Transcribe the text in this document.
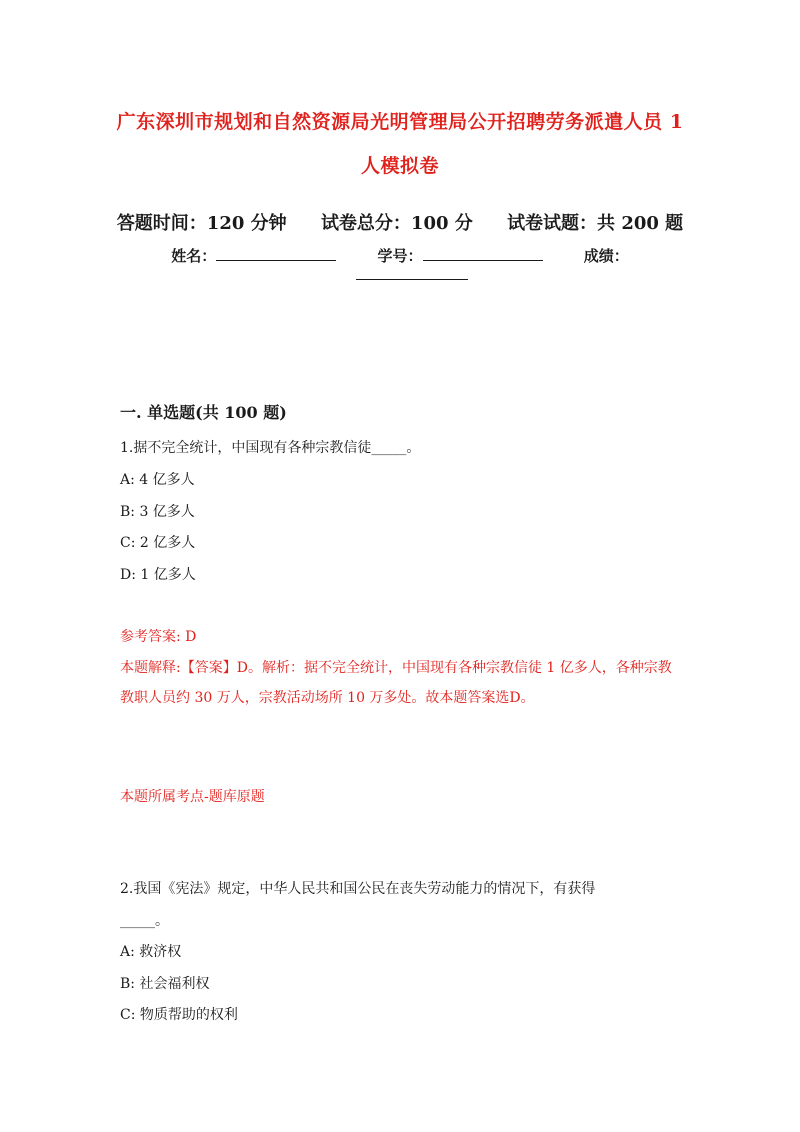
广东深圳市规划和自然资源局光明管理局公开招聘劳务派遣人员 1人模拟卷
答题时间：120 分钟 试卷总分：100 分 试卷试题：共 200 题
姓名：	学号：	成绩：
一. 单选题(共 100 题)

1.据不完全统计，中国现有各种宗教信徒_____。

A: 4 亿多人

B: 3 亿多人

C: 2 亿多人

D: 1 亿多人

参考答案: D

本题解释:【答案】D。解析：据不完全统计，中国现有各种宗教信徒 1 亿多人，各种宗教教职人员约 30 万人，宗教活动场所 10 万多处。故本题答案选D。

本题所属考点-题库原题

2.我国《宪法》规定，中华人民共和国公民在丧失劳动能力的情况下，有获得

_____。

A: 救济权

B: 社会福利权

C: 物质帮助的权利
